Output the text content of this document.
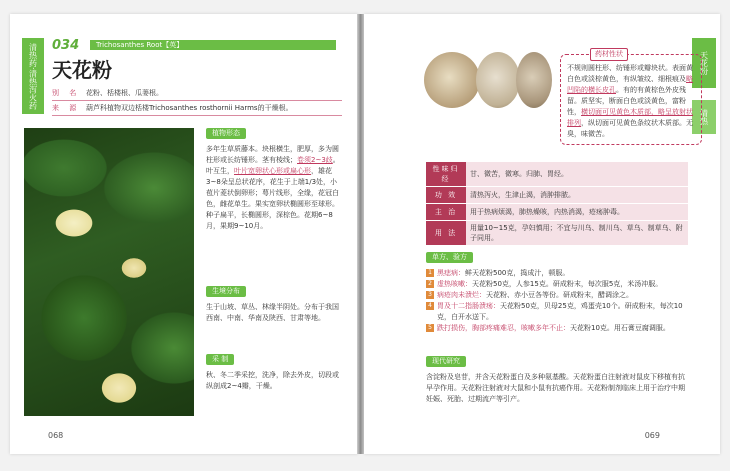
清热药·清热泻火药	034	Trichosanthes Root【英】
天花粉
别 名 花粉、栝楼根、瓜蒌根。
来 源 葫芦科植物双边栝楼Trichosanthes rosthornii Harms的干燥根。
植物形态
多年生草质藤本。块根横生，肥厚，多为圆柱形或长纺锤形。茎有棱线；卷须2~3歧。叶互生，叶片宽卵状心形或扁心形，雄花3~8朵呈总状花序，花生于上端1/3处，小苞片菱状倒卵形；萼片线形，全缘，花冠白色，雌花单生。果实宽卵状椭圆形至球形。种子扁平，长椭圆形，深棕色。花期6~8月，果期9~10月。
生境分布
生于山坡、草丛、林缘半阴处。分布于我国西南、中南、华南及陕西、甘肃等地。
采 制
秋、冬二季采挖，洗净，除去外皮，切段或纵剖成2~4瓣，干燥。
068
天花粉
清热
不规则圆柱形、纺锤形或瓣块状。表面黄白色或淡棕黄色，有纵皱纹、细根痕及略凹陷的横长皮孔。有的有黄棕色外皮残留。质坚实，断面白色或淡黄色，富粉性，横切面可见黄色木质部，略呈放射状排列，纵切面可见黄色条纹状木质部。无臭，味微苦。
药材性状
性味归经	甘、微苦，微寒。归肺、胃经。
功 效	清热泻火，生津止渴，消肿排脓。
主 治	用于热病烦渴，肺热燥咳，内热消渴，疮疡肿毒。
用 法	用量10~15克，孕妇慎用；不宜与川乌、制川乌、草乌、制草乌、附子同用。
单方、验方
1 黑痣病：鲜天花粉500克，捣成汁，顿服。
2 虚热咳嗽：天花粉50克，人参15克。研成粉末，每次服5克，米汤冲服。
3 病疮肉未溃烂：天花粉、赤小豆各等份。研成粉末，醋调涂之。
4 胃及十二指肠溃疡：天花粉50克，贝母25克，鸡蛋壳10个。研成粉末，每次10克，白开水送下。
5 跌打损伤，胸部疼痛难忍，咳嗽多年不止：天花粉10克。用石膏豆腐调服。
现代研究
含淀粉及皂苷，并含天花粉蛋白及多种氨基酸。天花粉蛋白注射液对鼠皮下移植有抗早孕作用。天花粉注射液对大鼠和小鼠有抗癌作用。天花粉制剂临床上用于治疗中期妊娠、死胎、过期流产等引产。
069
